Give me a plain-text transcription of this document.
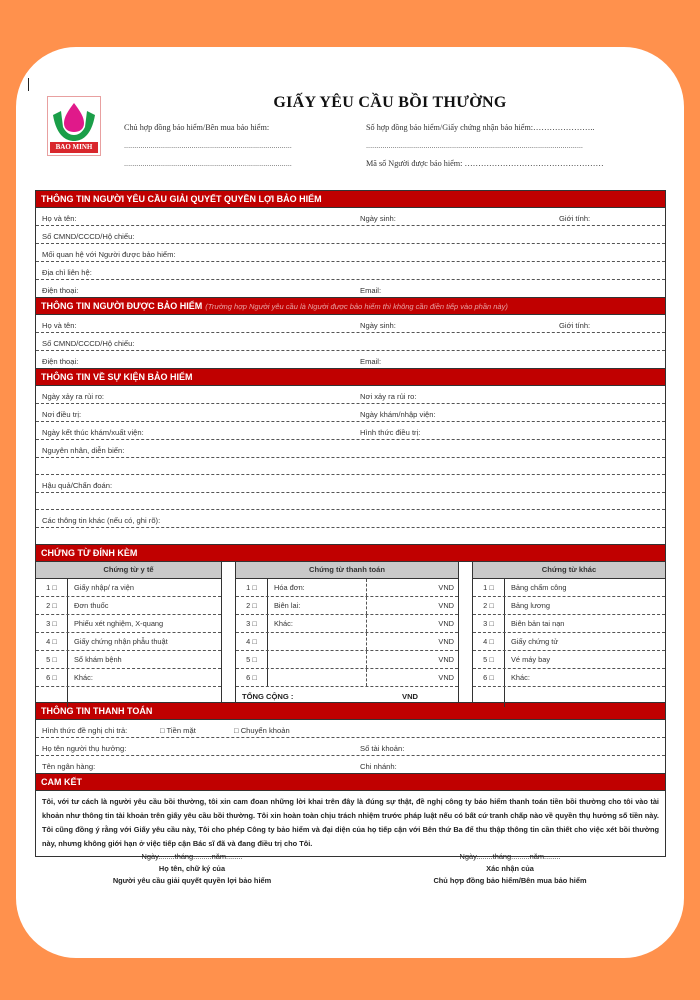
BAO MINH
GIẤY YÊU CẦU BỒI THƯỜNG
Chủ hợp đồng bảo hiểm/Bên mua bảo hiểm:
..................................................................................
..................................................................................
Số hợp đồng bảo hiểm/Giấy chứng nhận bảo hiểm:…………………..
..........................................................................................................
Mã số Người được bảo hiểm: ……………………………………………
THÔNG TIN NGƯỜI YÊU CẦU GIẢI QUYẾT QUYỀN LỢI BẢO HIỂM
Họ và tên:	Ngày sinh:	Giới tính:
Số CMND/CCCD/Hộ chiếu:
Mối quan hệ với Người được bảo hiểm:
Địa chỉ liên hệ:
Điện thoại:	Email:
THÔNG TIN NGƯỜI ĐƯỢC BẢO HIỂM (Trường hợp Người yêu cầu là Người được bảo hiểm thì không cần điền tiếp vào phần này)
Họ và tên:	Ngày sinh:	Giới tính:
Số CMND/CCCD/Hộ chiếu:
Điện thoại:	Email:
THÔNG TIN VỀ SỰ KIỆN BẢO HIỂM
Ngày xảy ra rủi ro:	Nơi xảy ra rủi ro:
Nơi điều trị:	Ngày khám/nhập viện:
Ngày kết thúc khám/xuất viện:	Hình thức điều trị:
Nguyên nhân, diễn biến:
Hậu quả/Chẩn đoán:
Các thông tin khác (nếu có, ghi rõ):
CHỨNG TỪ ĐÍNH KÈM
Chứng từ y tế
1 □	Giấy nhập/ ra viện
2 □	Đơn thuốc
3 □	Phiếu xét nghiệm, X-quang
4 □	Giấy chứng nhận phẫu thuật
5 □	Sổ khám bệnh
6 □	Khác:
Chứng từ thanh toán
1 □	Hóa đơn:	VND
2 □	Biên lai:	VND
3 □	Khác:	VND
4 □	VND
5 □	VND
6 □	VND
TỔNG CỘNG :	VND
Chứng từ khác
1 □	Bảng chấm công
2 □	Bảng lương
3 □	Biên bản tai nạn
4 □	Giấy chứng tử
5 □	Vé máy bay
6 □	Khác:
THÔNG TIN THANH TOÁN
Hình thức đề nghị chi trả:	□ Tiền mặt	□ Chuyển khoản
Họ tên người thụ hưởng:	Số tài khoản:
Tên ngân hàng:	Chi nhánh:
CAM KẾT
Tôi, với tư cách là người yêu cầu bồi thường, tôi xin cam đoan những lời khai trên đây là đúng sự thật, đề nghị công ty bảo hiểm thanh toán tiền bồi thường cho tôi vào tài khoản như thông tin tài khoản trên giấy yêu cầu bồi thường. Tôi xin hoàn toàn chịu trách nhiệm trước pháp luật nếu có bất cứ tranh chấp nào về quyền thụ hưởng số tiền này. Tôi cũng đồng ý rằng với Giấy yêu cầu này, Tôi cho phép Công ty bảo hiểm và đại diện của họ tiếp cận với Bên thứ Ba để thu thập thông tin cần thiết cho việc xét bồi thường này, nhưng không giới hạn ở việc tiếp cận Bác sĩ đã và đang điều trị cho Tôi.
Ngày........tháng.........năm........
Họ tên, chữ ký của
Người yêu cầu giải quyết quyền lợi bảo hiểm
Ngày........tháng.........năm........
Xác nhận của
Chủ hợp đồng bảo hiểm/Bên mua bảo hiểm
